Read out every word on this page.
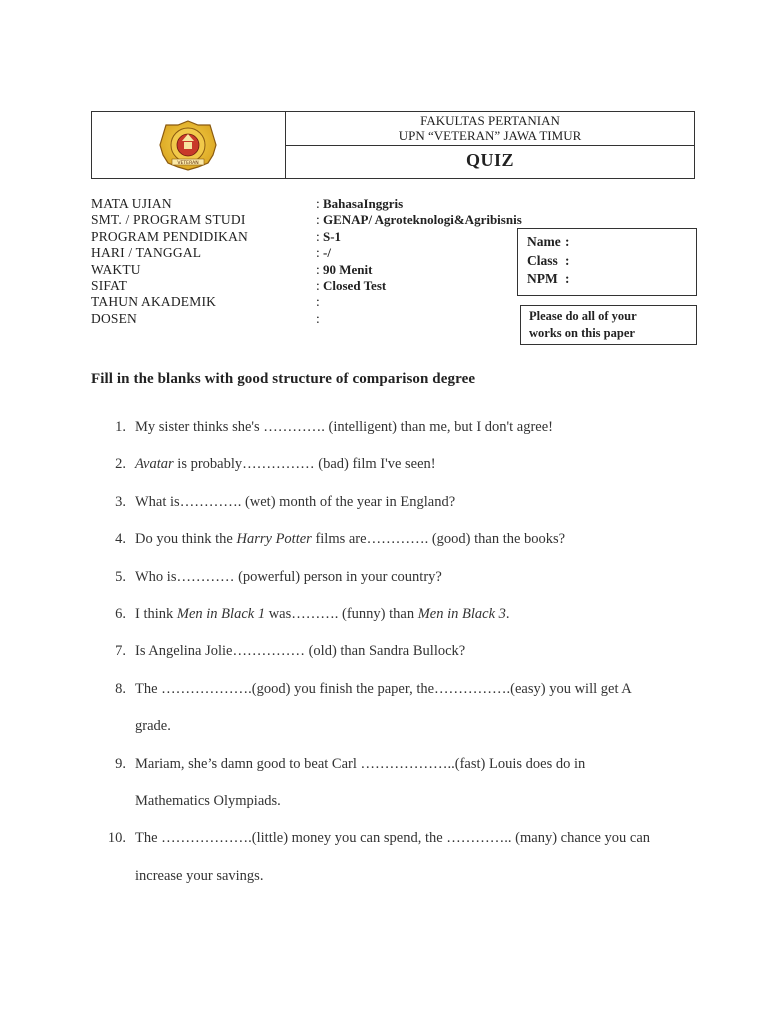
VETERAN
FAKULTAS PERTANIAN
UPN “VETERAN” JAWA TIMUR
QUIZ
MATA UJIAN	: BahasaInggris
SMT. / PROGRAM STUDI	: GENAP/ Agroteknologi&Agribisnis
PROGRAM PENDIDIKAN	: S-1
HARI / TANGGAL	: -/
WAKTU	: 90 Menit
SIFAT	: Closed Test
TAHUN AKADEMIK	:
DOSEN	:
Name :
Class :
NPM :
Please do all of your
works on this paper
Fill in the blanks with good structure of comparison degree
1. My sister thinks she's …………. (intelligent) than me, but I don't agree!
2. Avatar is probably…………… (bad) film I've seen!
3. What is…………. (wet) month of the year in England?
4. Do you think the Harry Potter films are…………. (good) than the books?
5. Who is………… (powerful) person in your country?
6. I think Men in Black 1 was………. (funny) than Men in Black 3.
7. Is Angelina Jolie…………… (old) than Sandra Bullock?
8. The ……………….(good) you finish the paper, the…………….(easy) you will get A
grade.
9. Mariam, she’s damn good to beat Carl ………………..(fast) Louis does do in
Mathematics Olympiads.
10. The ……………….(little) money you can spend, the ………….. (many) chance you can
increase your savings.
